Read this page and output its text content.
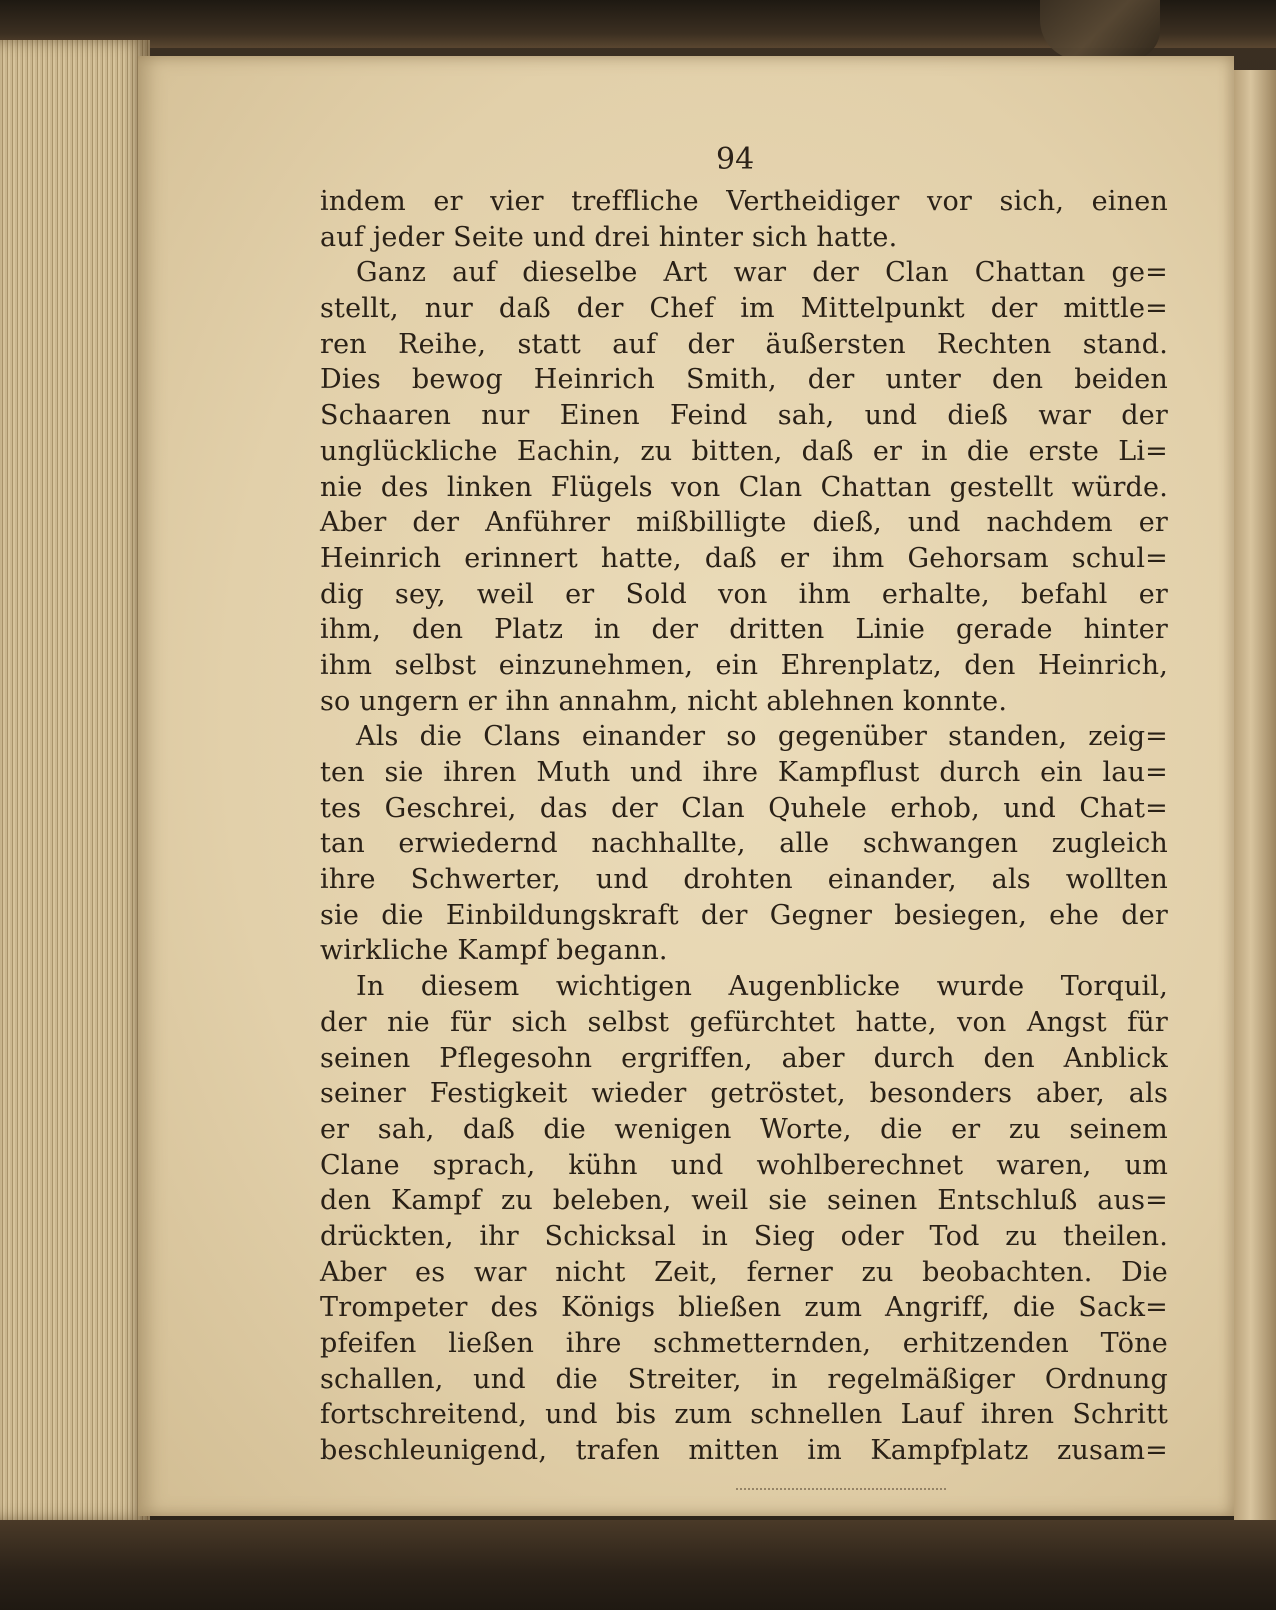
94
indem er vier treffliche Vertheidiger vor sich, einen
auf jeder Seite und drei hinter sich hatte.
Ganz auf dieselbe Art war der Clan Chattan ge=
stellt, nur daß der Chef im Mittelpunkt der mittle=
ren Reihe, statt auf der äußersten Rechten stand.
Dies bewog Heinrich Smith, der unter den beiden
Schaaren nur Einen Feind sah, und dieß war der
unglückliche Eachin, zu bitten, daß er in die erste Li=
nie des linken Flügels von Clan Chattan gestellt würde.
Aber der Anführer mißbilligte dieß, und nachdem er
Heinrich erinnert hatte, daß er ihm Gehorsam schul=
dig sey, weil er Sold von ihm erhalte, befahl er
ihm, den Platz in der dritten Linie gerade hinter
ihm selbst einzunehmen, ein Ehrenplatz, den Heinrich,
so ungern er ihn annahm, nicht ablehnen konnte.
Als die Clans einander so gegenüber standen, zeig=
ten sie ihren Muth und ihre Kampflust durch ein lau=
tes Geschrei, das der Clan Quhele erhob, und Chat=
tan erwiedernd nachhallte, alle schwangen zugleich
ihre Schwerter, und drohten einander, als wollten
sie die Einbildungskraft der Gegner besiegen, ehe der
wirkliche Kampf begann.
In diesem wichtigen Augenblicke wurde Torquil,
der nie für sich selbst gefürchtet hatte, von Angst für
seinen Pflegesohn ergriffen, aber durch den Anblick
seiner Festigkeit wieder getröstet, besonders aber, als
er sah, daß die wenigen Worte, die er zu seinem
Clane sprach, kühn und wohlberechnet waren, um
den Kampf zu beleben, weil sie seinen Entschluß aus=
drückten, ihr Schicksal in Sieg oder Tod zu theilen.
Aber es war nicht Zeit, ferner zu beobachten. Die
Trompeter des Königs bließen zum Angriff, die Sack=
pfeifen ließen ihre schmetternden, erhitzenden Töne
schallen, und die Streiter, in regelmäßiger Ordnung
fortschreitend, und bis zum schnellen Lauf ihren Schritt
beschleunigend, trafen mitten im Kampfplatz zusam=
